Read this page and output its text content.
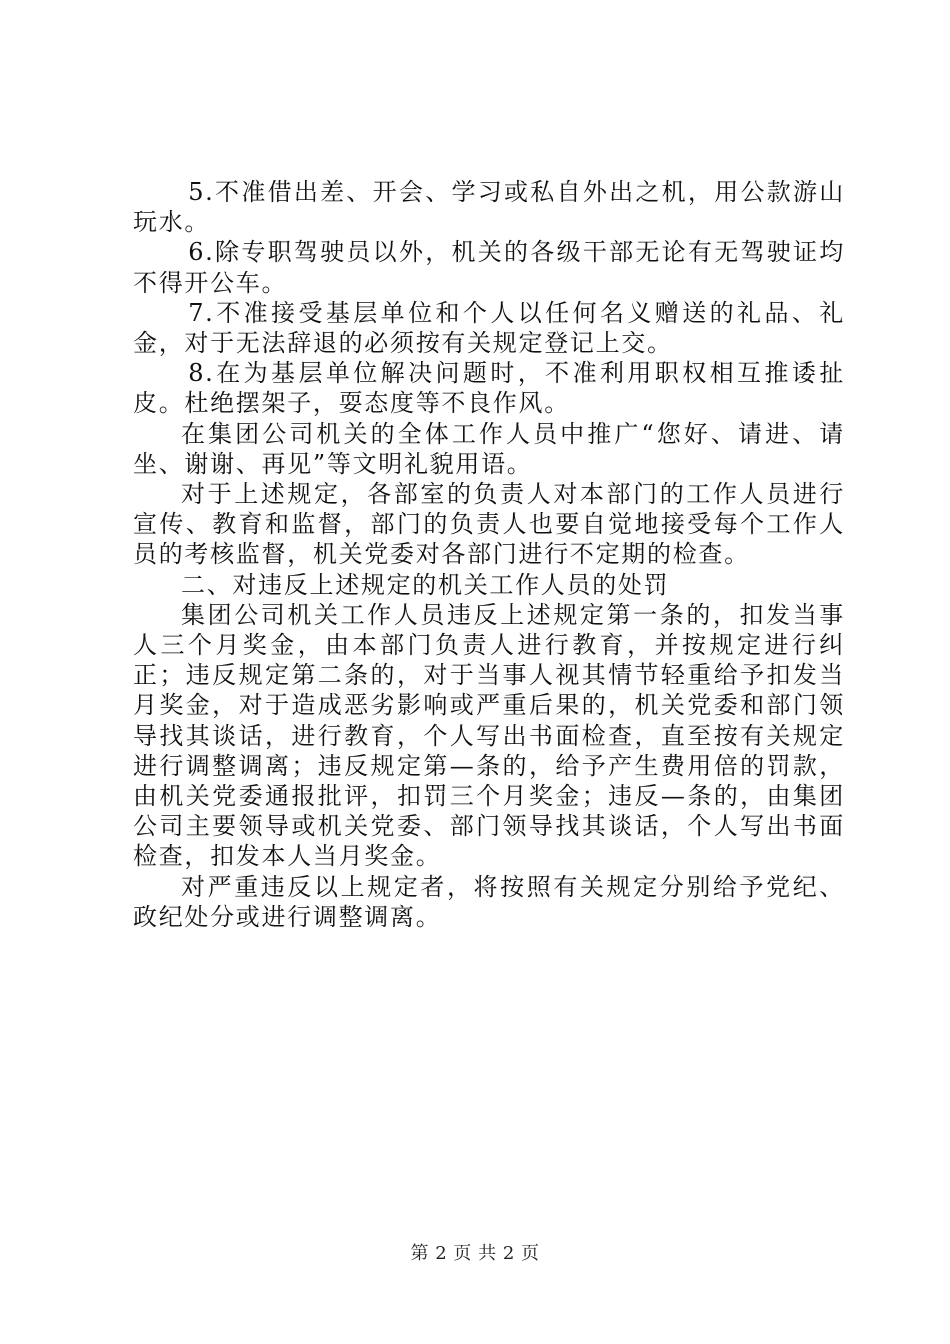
5.不准借出差、开会、学习或私自外出之机，用公款游山玩水。

6.除专职驾驶员以外，机关的各级干部无论有无驾驶证均不得开公车。

7.不准接受基层单位和个人以任何名义赠送的礼品、礼金，对于无法辞退的必须按有关规定登记上交。

8.在为基层单位解决问题时，不准利用职权相互推诿扯皮。杜绝摆架子，耍态度等不良作风。

在集团公司机关的全体工作人员中推广“您好、请进、请坐、谢谢、再见”等文明礼貌用语。

对于上述规定，各部室的负责人对本部门的工作人员进行宣传、教育和监督，部门的负责人也要自觉地接受每个工作人员的考核监督，机关党委对各部门进行不定期的检查。

二、对违反上述规定的机关工作人员的处罚

集团公司机关工作人员违反上述规定第一条的，扣发当事人三个月奖金，由本部门负责人进行教育，并按规定进行纠正；违反规定第二条的，对于当事人视其情节轻重给予扣发当月奖金，对于造成恶劣影响或严重后果的，机关党委和部门领导找其谈话，进行教育，个人写出书面检查，直至按有关规定进行调整调离；违反规定第—条的，给予产生费用倍的罚款，由机关党委通报批评，扣罚三个月奖金；违反—条的，由集团公司主要领导或机关党委、部门领导找其谈话，个人写出书面检查，扣发本人当月奖金。

对严重违反以上规定者，将按照有关规定分别给予党纪、政纪处分或进行调整调离。

第 2 页 共 2 页
